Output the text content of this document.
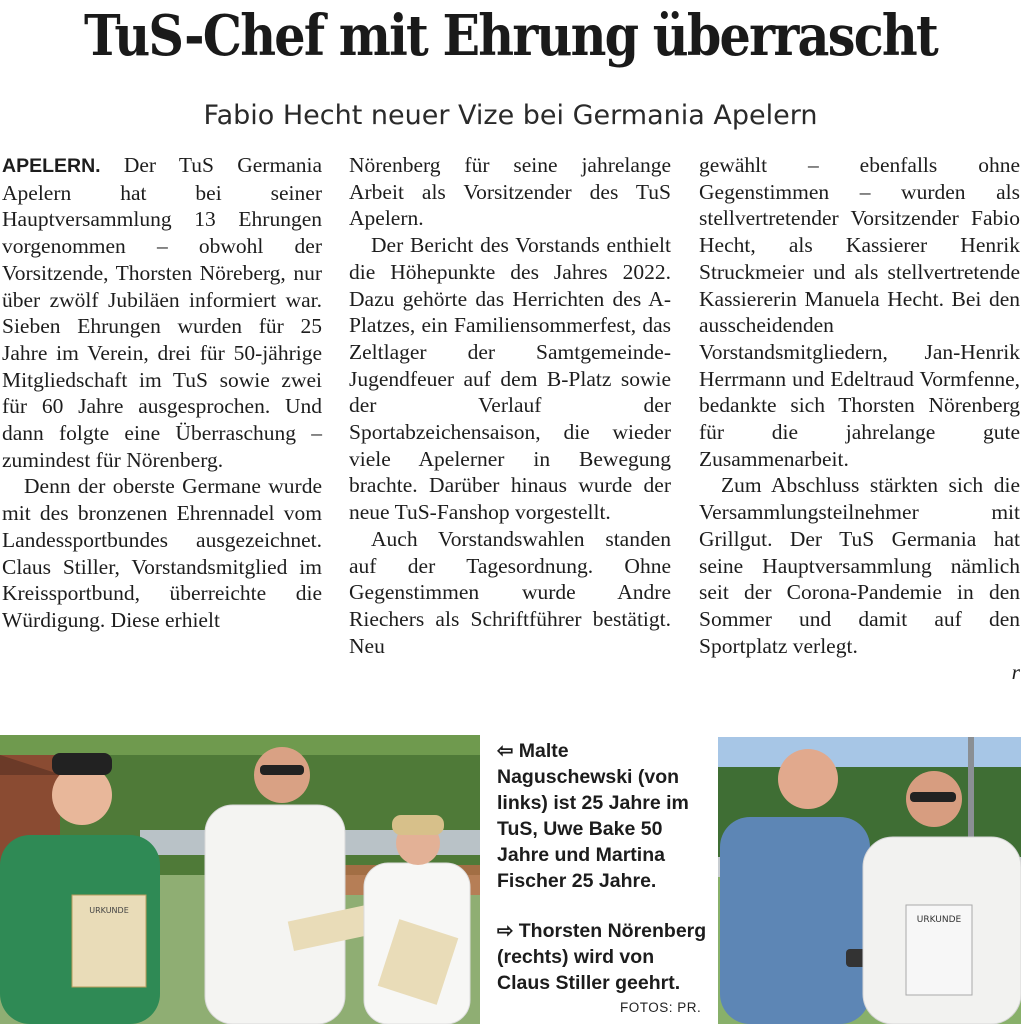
TuS-Chef mit Ehrung überrascht
Fabio Hecht neuer Vize bei Germania Apelern

APELERN. Der TuS Germania Apelern hat bei seiner Hauptversammlung 13 Ehrungen vorgenommen – obwohl der Vorsitzende, Thorsten Nöreberg, nur über zwölf Jubiläen informiert war. Sieben Ehrungen wurden für 25 Jahre im Verein, drei für 50-jährige Mitgliedschaft im TuS sowie zwei für 60 Jahre ausgesprochen. Und dann folgte eine Überraschung – zumindest für Nörenberg.

Denn der oberste Germane wurde mit des bronzenen Ehrennadel vom Landessportbundes ausgezeichnet. Claus Stiller, Vorstandsmitglied im Kreissportbund, überreichte die Würdigung. Diese erhielt

Nörenberg für seine jahrelange Arbeit als Vorsitzender des TuS Apelern.

Der Bericht des Vorstands enthielt die Höhepunkte des Jahres 2022. Dazu gehörte das Herrichten des A-Platzes, ein Familiensommerfest, das Zeltlager der Samtgemeinde-Jugendfeuer auf dem B-Platz sowie der Verlauf der Sportabzeichensaison, die wieder viele Apelerner in Bewegung brachte. Darüber hinaus wurde der neue TuS-Fanshop vorgestellt.

Auch Vorstandswahlen standen auf der Tagesordnung. Ohne Gegenstimmen wurde Andre Riechers als Schriftführer bestätigt. Neu

gewählt – ebenfalls ohne Gegenstimmen – wurden als stellvertretender Vorsitzender Fabio Hecht, als Kassierer Henrik Struckmeier und als stellvertretende Kassiererin Manuela Hecht. Bei den ausscheidenden Vorstandsmitgliedern, Jan-Henrik Herrmann und Edeltraud Vormfenne, bedankte sich Thorsten Nörenberg für die jahrelange gute Zusammenarbeit.

Zum Abschluss stärkten sich die Versammlungsteilnehmer mit Grillgut. Der TuS Germania hat seine Hauptversammlung nämlich seit der Corona-Pandemie in den Sommer und damit auf den Sportplatz verlegt.

r

URKUNDE
⇦ Malte Naguschewski (von links) ist 25 Jahre im TuS, Uwe Bake 50 Jahre und Martina Fischer 25 Jahre.
⇨ Thorsten Nörenberg (rechts) wird von Claus Stiller geehrt.
FOTOS: PR.
URKUNDE
